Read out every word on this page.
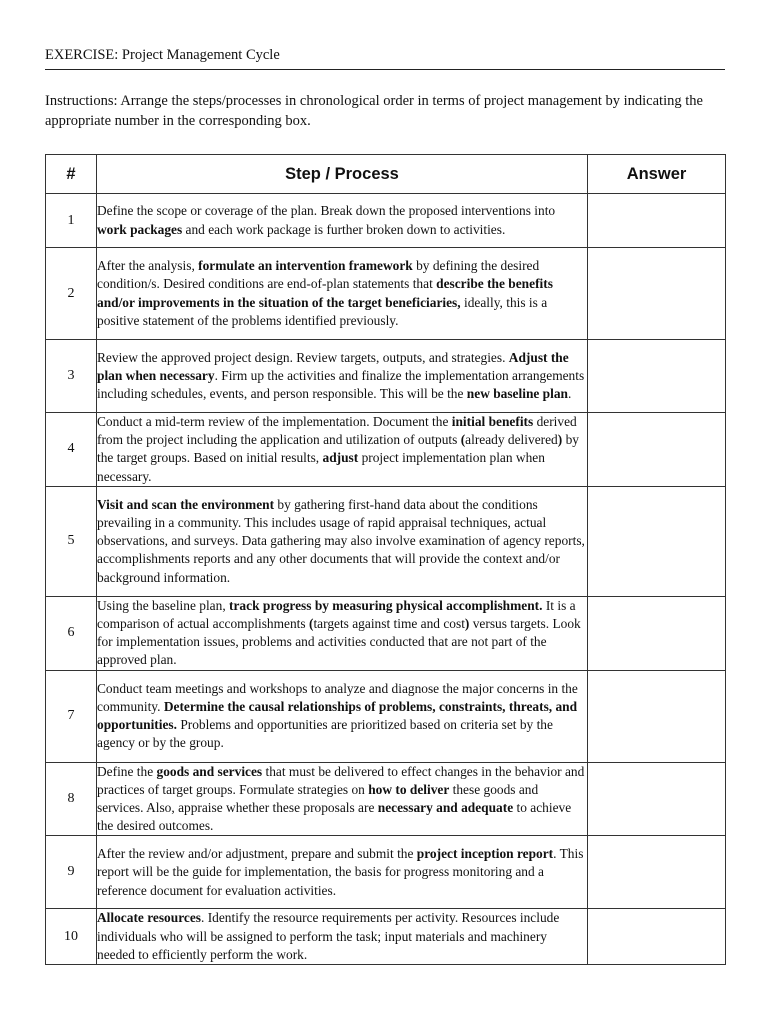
EXERCISE: Project Management Cycle
Instructions: Arrange the steps/processes in chronological order in terms of project management by indicating the appropriate number in the corresponding box.
#	Step / Process	Answer
1	Define the scope or coverage of the plan. Break down the proposed interventions into work packages and each work package is further broken down to activities.	
2	After the analysis, formulate an intervention framework by defining the desired condition/s. Desired conditions are end-of-plan statements that describe the benefits and/or improvements in the situation of the target beneficiaries, ideally, this is a positive statement of the problems identified previously.	
3	Review the approved project design. Review targets, outputs, and strategies. Adjust the plan when necessary. Firm up the activities and finalize the implementation arrangements including schedules, events, and person responsible. This will be the new baseline plan.	
4	Conduct a mid-term review of the implementation. Document the initial benefits derived from the project including the application and utilization of outputs (already delivered) by the target groups. Based on initial results, adjust project implementation plan when necessary.	
5	Visit and scan the environment by gathering first-hand data about the conditions prevailing in a community. This includes usage of rapid appraisal techniques, actual observations, and surveys. Data gathering may also involve examination of agency reports, accomplishments reports and any other documents that will provide the context and/or background information.	
6	Using the baseline plan, track progress by measuring physical accomplishment. It is a comparison of actual accomplishments (targets against time and cost) versus targets. Look for implementation issues, problems and activities conducted that are not part of the approved plan.	
7	Conduct team meetings and workshops to analyze and diagnose the major concerns in the community. Determine the causal relationships of problems, constraints, threats, and opportunities. Problems and opportunities are prioritized based on criteria set by the agency or by the group.	
8	Define the goods and services that must be delivered to effect changes in the behavior and practices of target groups. Formulate strategies on how to deliver these goods and services. Also, appraise whether these proposals are necessary and adequate to achieve the desired outcomes.	
9	After the review and/or adjustment, prepare and submit the project inception report. This report will be the guide for implementation, the basis for progress monitoring and a reference document for evaluation activities.	
10	Allocate resources. Identify the resource requirements per activity. Resources include individuals who will be assigned to perform the task; input materials and machinery needed to efficiently perform the work.	
